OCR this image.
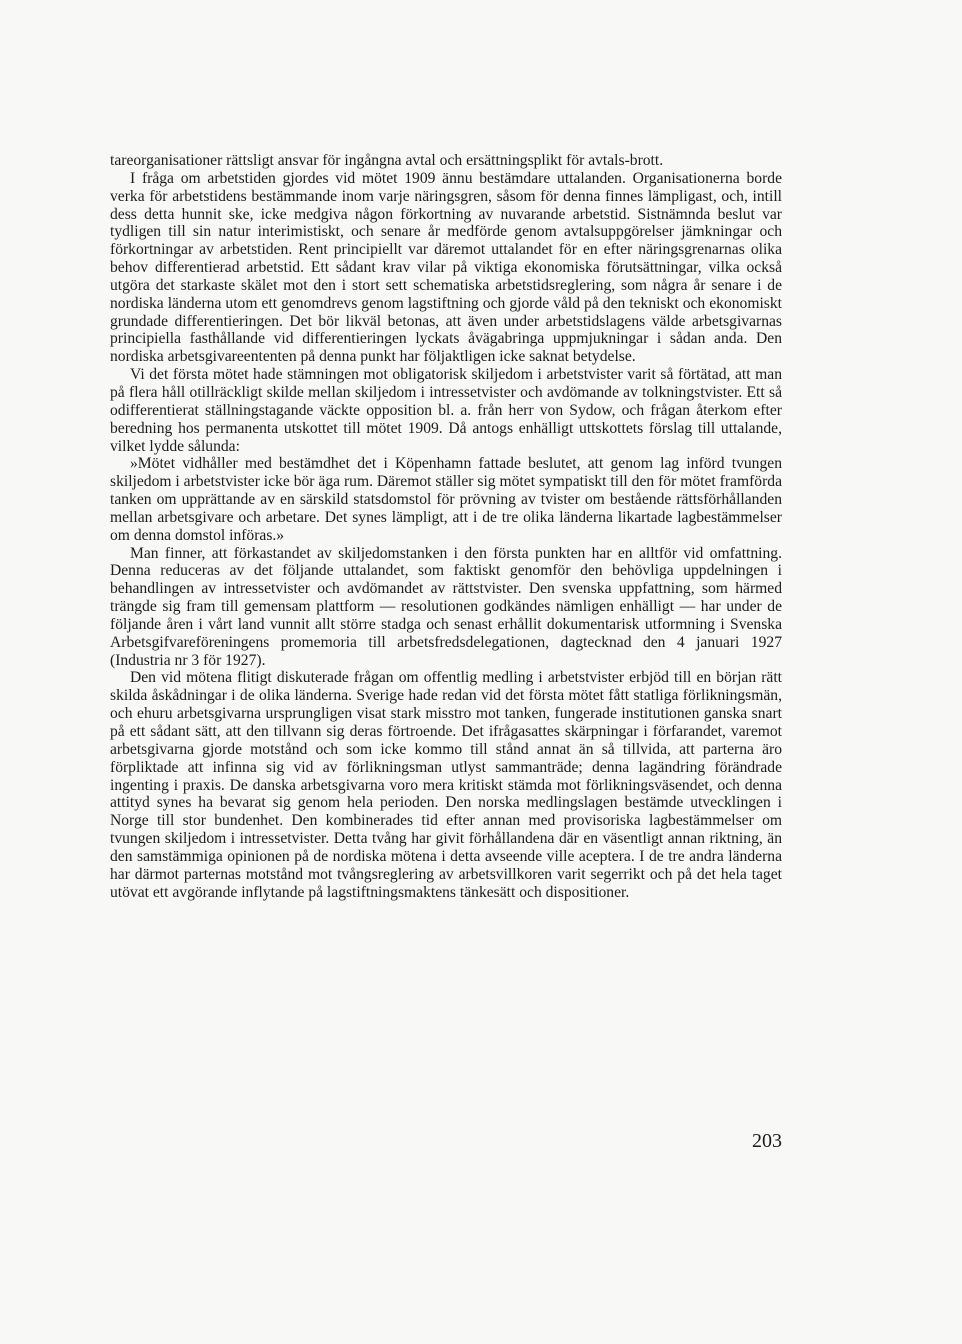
tareorganisationer rättsligt ansvar för ingångna avtal och ersättningsplikt för avtals-brott.

I fråga om arbetstiden gjordes vid mötet 1909 ännu bestämdare uttalanden. Organisationerna borde verka för arbetstidens bestämmande inom varje näringsgren, såsom för denna finnes lämpligast, och, intill dess detta hunnit ske, icke medgiva någon förkortning av nuvarande arbetstid. Sistnämnda beslut var tydligen till sin natur interimistiskt, och senare år medförde genom avtalsuppgörelser jämkningar och förkortningar av arbetstiden. Rent principiellt var däremot uttalandet för en efter näringsgrenarnas olika behov differentierad arbetstid. Ett sådant krav vilar på viktiga ekonomiska förutsättningar, vilka också utgöra det starkaste skälet mot den i stort sett schematiska arbetstidsreglering, som några år senare i de nordiska länderna utom ett genomdrevs genom lagstiftning och gjorde våld på den tekniskt och ekonomiskt grundade differentieringen. Det bör likväl betonas, att även under arbetstidslagens välde arbetsgivarnas principiella fasthållande vid differentieringen lyckats åvägabringa uppmjukningar i sådan anda. Den nordiska arbetsgivareententen på denna punkt har följaktligen icke saknat betydelse.

Vi det första mötet hade stämningen mot obligatorisk skiljedom i arbetstvister varit så förtätad, att man på flera håll otillräckligt skilde mellan skiljedom i intressetvister och avdömande av tolkningstvister. Ett så odifferentierat ställningstagande väckte opposition bl. a. från herr von Sydow, och frågan återkom efter beredning hos permanenta utskottet till mötet 1909. Då antogs enhälligt uttskottets förslag till uttalande, vilket lydde sålunda:

»Mötet vidhåller med bestämdhet det i Köpenhamn fattade beslutet, att genom lag införd tvungen skiljedom i arbetstvister icke bör äga rum. Däremot ställer sig mötet sympatiskt till den för mötet framförda tanken om upprättande av en särskild statsdomstol för prövning av tvister om bestående rättsförhållanden mellan arbetsgivare och arbetare. Det synes lämpligt, att i de tre olika länderna likartade lagbestämmelser om denna domstol införas.»

Man finner, att förkastandet av skiljedomstanken i den första punkten har en alltför vid omfattning. Denna reduceras av det följande uttalandet, som faktiskt genomför den behövliga uppdelningen i behandlingen av intressetvister och avdömandet av rättstvister. Den svenska uppfattning, som härmed trängde sig fram till gemensam plattform — resolutionen godkändes nämligen enhälligt — har under de följande åren i vårt land vunnit allt större stadga och senast erhållit dokumentarisk utformning i Svenska Arbetsgifvareföreningens promemoria till arbetsfredsdelegationen, dagtecknad den 4 januari 1927 (Industria nr 3 för 1927).

Den vid mötena flitigt diskuterade frågan om offentlig medling i arbetstvister erbjöd till en början rätt skilda åskådningar i de olika länderna. Sverige hade redan vid det första mötet fått statliga förlikningsmän, och ehuru arbetsgivarna ursprungligen visat stark misstro mot tanken, fungerade institutionen ganska snart på ett sådant sätt, att den tillvann sig deras förtroende. Det ifrågasattes skärpningar i förfarandet, varemot arbetsgivarna gjorde motstånd och som icke kommo till stånd annat än så tillvida, att parterna äro förpliktade att infinna sig vid av förlikningsman utlyst sammanträde; denna lagändring förändrade ingenting i praxis. De danska arbetsgivarna voro mera kritiskt stämda mot förlikningsväsendet, och denna attityd synes ha bevarat sig genom hela perioden. Den norska medlingslagen bestämde utvecklingen i Norge till stor bundenhet. Den kombinerades tid efter annan med provisoriska lagbestämmelser om tvungen skiljedom i intressetvister. Detta tvång har givit förhållandena där en väsentligt annan riktning, än den samstämmiga opinionen på de nordiska mötena i detta avseende ville aceptera. I de tre andra länderna har därmot parternas motstånd mot tvångsreglering av arbetsvillkoren varit segerrikt och på det hela taget utövat ett avgörande inflytande på lagstiftningsmaktens tänkesätt och dispositioner.

203
